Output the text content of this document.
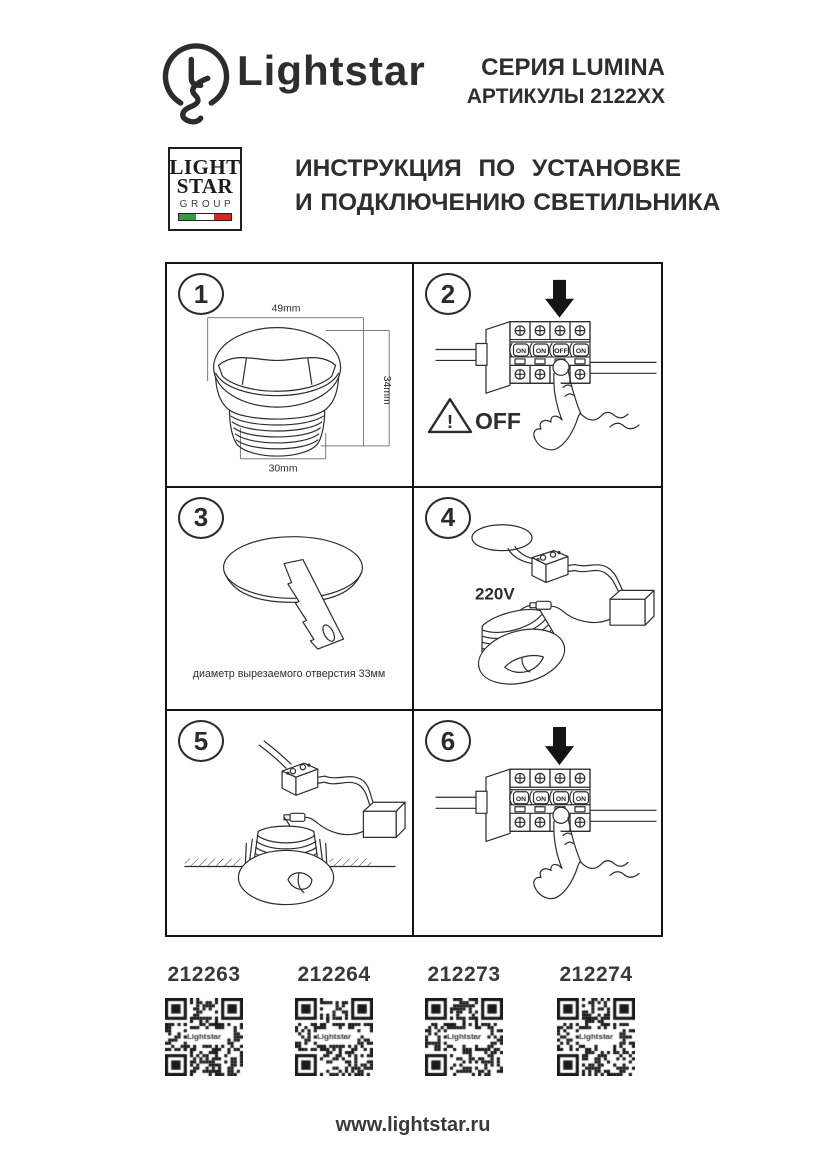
Lightstar	СЕРИЯ LUMINA
АРТИКУЛЫ 2122XX
LIGHT
STAR
GROUP
ИНСТРУКЦИЯ ПО УСТАНОВКЕ
И ПОДКЛЮЧЕНИЮ СВЕТИЛЬНИКА
1
49mm
34mm
30mm
2
! OFF
ON ON OFF ON
3
диаметр вырезаемого отверстия 33мм
4
220V
5	6
ON ON ON ON
212263	212264	212273	212274
www.lightstar.ru
